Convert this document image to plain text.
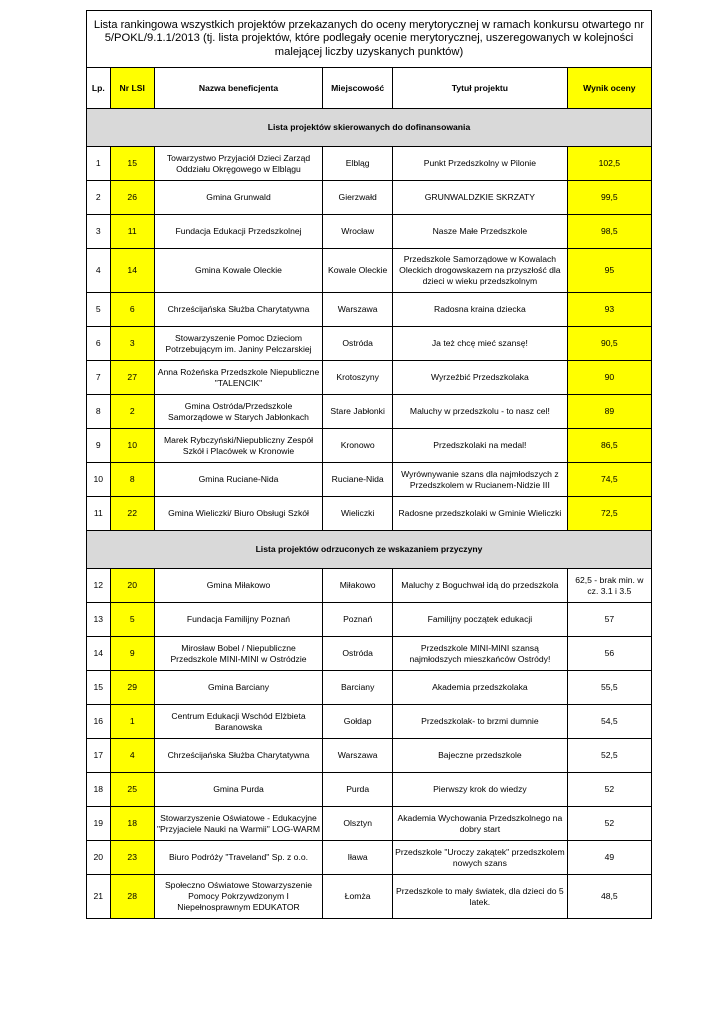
Lista rankingowa wszystkich projektów przekazanych do oceny merytorycznej w ramach konkursu otwartego nr 5/POKL/9.1.1/2013 (tj. lista projektów, które podlegały ocenie merytorycznej, uszeregowanych w kolejności malejącej liczby uzyskanych punktów)					
Lp.	Nr LSI	Nazwa beneficjenta	Miejscowość	Tytuł projektu	Wynik oceny
Lista projektów skierowanych do dofinansowania					
1	15	Towarzystwo Przyjaciół Dzieci Zarząd Oddziału Okręgowego w Elblągu	Elbląg	Punkt Przedszkolny w Pilonie	102,5
2	26	Gmina Grunwald	Gierzwałd	GRUNWALDZKIE SKRZATY	99,5
3	11	Fundacja Edukacji Przedszkolnej	Wrocław	Nasze Małe Przedszkole	98,5
4	14	Gmina Kowale Oleckie	Kowale Oleckie	Przedszkole Samorządowe w Kowalach Oleckich drogowskazem na przyszłość dla dzieci w wieku przedszkolnym	95
5	6	Chrześcijańska Służba Charytatywna	Warszawa	Radosna kraina dziecka	93
6	3	Stowarzyszenie Pomoc Dzieciom Potrzebującym im. Janiny Pelczarskiej	Ostróda	Ja też chcę mieć szansę!	90,5
7	27	Anna Rożeńska Przedszkole Niepubliczne "TALENCIK"	Krotoszyny	Wyrzeźbić Przedszkolaka	90
8	2	Gmina Ostróda/Przedszkole Samorządowe w Starych Jabłonkach	Stare Jabłonki	Maluchy w przedszkolu - to nasz cel!	89
9	10	Marek Rybczyński/Niepubliczny Zespół Szkół i Placówek w Kronowie	Kronowo	Przedszkolaki na medal!	86,5
10	8	Gmina Ruciane-Nida	Ruciane-Nida	Wyrównywanie szans dla najmłodszych z Przedszkolem w Rucianem-Nidzie III	74,5
11	22	Gmina Wieliczki/ Biuro Obsługi Szkół	Wieliczki	Radosne przedszkolaki w Gminie Wieliczki	72,5
Lista projektów odrzuconych ze wskazaniem przyczyny					
12	20	Gmina Miłakowo	Miłakowo	Maluchy z Boguchwał idą do przedszkola	62,5 - brak min. w cz. 3.1 i 3.5
13	5	Fundacja Familijny Poznań	Poznań	Familijny początek edukacji	57
14	9	Mirosław Bobel / Niepubliczne Przedszkole MINI-MINI w Ostródzie	Ostróda	Przedszkole MINI-MINI szansą najmłodszych mieszkańców Ostródy!	56
15	29	Gmina Barciany	Barciany	Akademia przedszkolaka	55,5
16	1	Centrum Edukacji Wschód Elżbieta Baranowska	Gołdap	Przedszkolak- to brzmi dumnie	54,5
17	4	Chrześcijańska Służba Charytatywna	Warszawa	Bajeczne przedszkole	52,5
18	25	Gmina Purda	Purda	Pierwszy krok do wiedzy	52
19	18	Stowarzyszenie Oświatowe - Edukacyjne "Przyjaciele Nauki na Warmii" LOG-WARM	Olsztyn	Akademia Wychowania Przedszkolnego na dobry start	52
20	23	Biuro Podróży "Traveland" Sp. z o.o.	Iława	Przedszkole "Uroczy zakątek" przedszkolem nowych szans	49
21	28	Społeczno Oświatowe Stowarzyszenie Pomocy Pokrzywdzonym I Niepełnosprawnym EDUKATOR	Łomża	Przedszkole to mały światek, dla dzieci do 5 latek.	48,5
